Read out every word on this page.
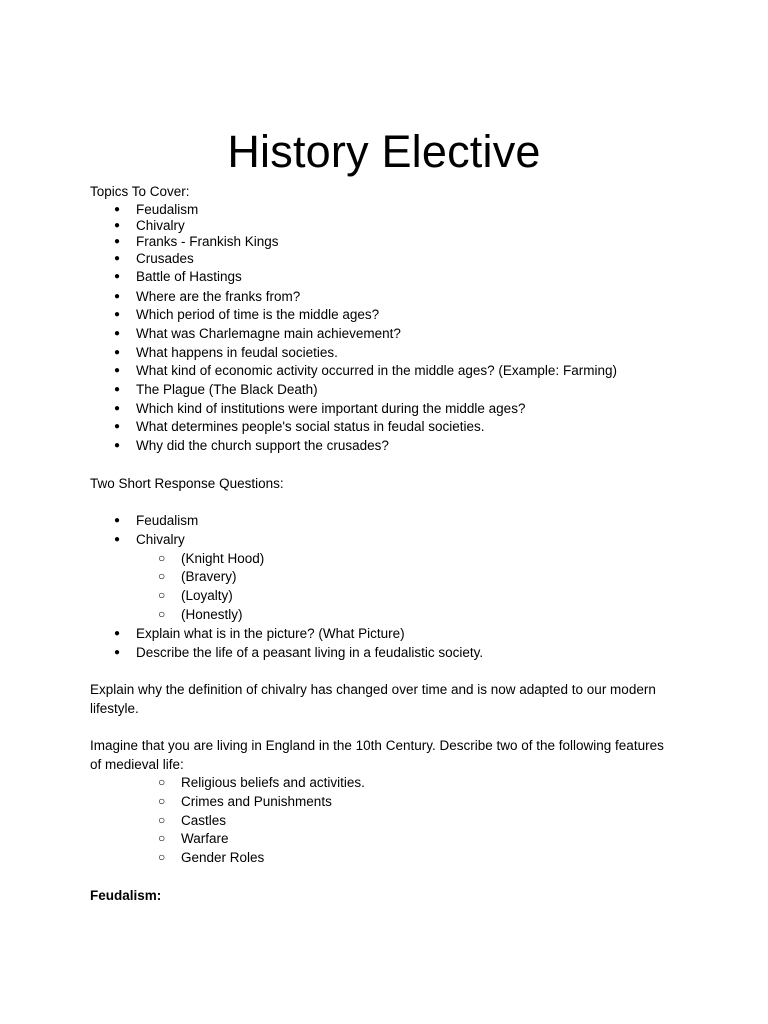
History Elective
Topics To Cover:
● Feudalism
● Chivalry
● Franks - Frankish Kings
● Crusades
● Battle of Hastings
● Where are the franks from?
● Which period of time is the middle ages?
● What was Charlemagne main achievement?
● What happens in feudal societies.
● What kind of economic activity occurred in the middle ages? (Example: Farming)
● The Plague (The Black Death)
● Which kind of institutions were important during the middle ages?
● What determines people's social status in feudal societies.
● Why did the church support the crusades?
Two Short Response Questions:
● Feudalism
● Chivalry
○ (Knight Hood)
○ (Bravery)
○ (Loyalty)
○ (Honestly)
● Explain what is in the picture? (What Picture)
● Describe the life of a peasant living in a feudalistic society.
Explain why the definition of chivalry has changed over time and is now adapted to our modern
lifestyle.
Imagine that you are living in England in the 10th Century. Describe two of the following features
of medieval life:
○ Religious beliefs and activities.
○ Crimes and Punishments
○ Castles
○ Warfare
○ Gender Roles
Feudalism:
